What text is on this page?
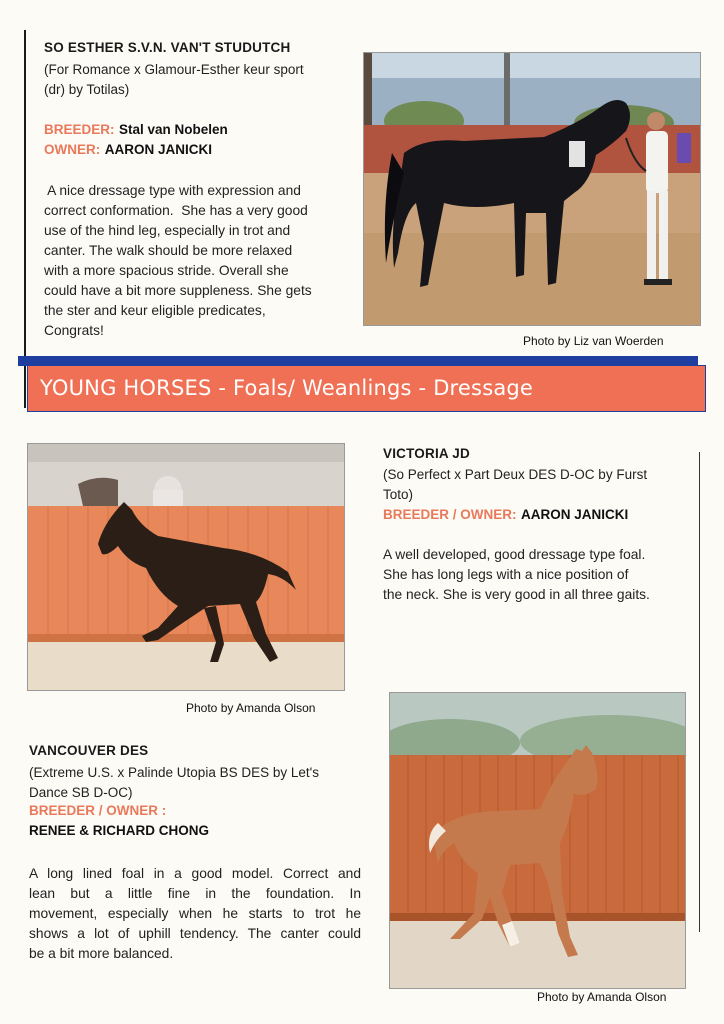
SO ESTHER S.V.N. VAN'T STUDUTCH
(For Romance x Glamour-Esther keur sport
(dr) by Totilas)
BREEDER: Stal van Nobelen
OWNER: AARON JANICKI
A nice dressage type with expression and
correct conformation.  She has a very good
use of the hind leg, especially in trot and
canter. The walk should be more relaxed
with a more spacious stride. Overall she
could have a bit more suppleness. She gets
the ster and keur eligible predicates,
Congrats!
Photo by Liz van Woerden
YOUNG HORSES - Foals/ Weanlings - Dressage
Photo by Amanda Olson
VICTORIA JD
(So Perfect x Part Deux DES D-OC by Furst
Toto)
BREEDER / OWNER: AARON JANICKI
A well developed, good dressage type foal.
She has long legs with a nice position of
the neck. She is very good in all three gaits.
VANCOUVER DES
(Extreme U.S. x Palinde Utopia BS DES by Let's
Dance SB D-OC)
BREEDER / OWNER :
RENEE & RICHARD CHONG
A long lined foal in a good model. Correct and
lean but a little fine in the foundation. In
movement, especially when he starts to trot he
shows a lot of uphill tendency. The canter could
be a bit more balanced.
Photo by Amanda Olson
